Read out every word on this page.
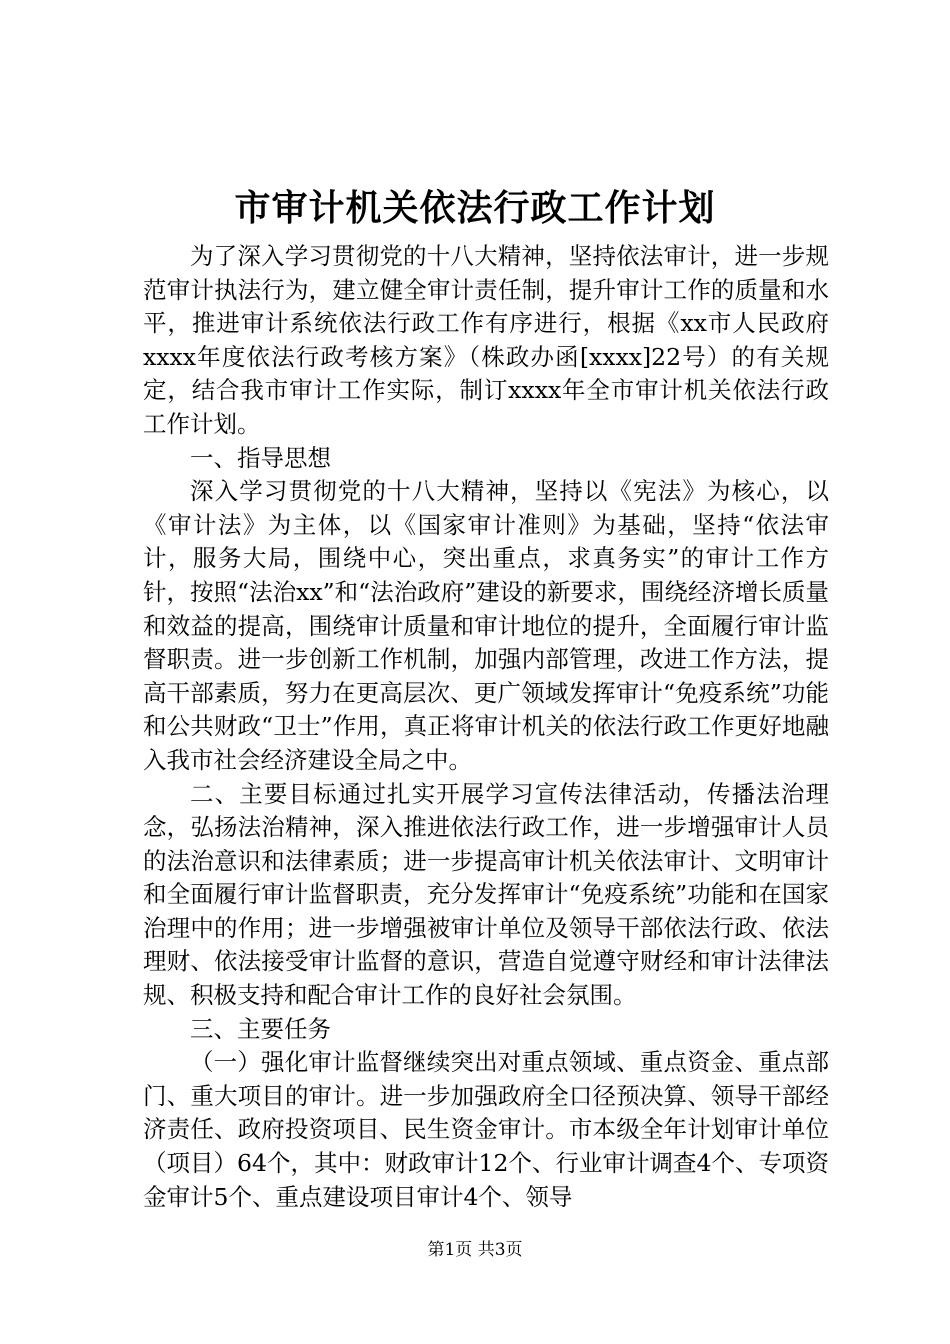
市审计机关依法行政工作计划

为了深入学习贯彻党的十八大精神，坚持依法审计，进一步规范审计执法行为，建立健全审计责任制，提升审计工作的质量和水平，推进审计系统依法行政工作有序进行，根据《xx市人民政府xxxx年度依法行政考核方案》（株政办函[xxxx]22号）的有关规定，结合我市审计工作实际，制订xxxx年全市审计机关依法行政工作计划。

一、指导思想

深入学习贯彻党的十八大精神，坚持以《宪法》为核心，以《审计法》为主体，以《国家审计准则》为基础，坚持“依法审计，服务大局，围绕中心，突出重点，求真务实”的审计工作方针，按照“法治xx”和“法治政府”建设的新要求，围绕经济增长质量和效益的提高，围绕审计质量和审计地位的提升，全面履行审计监督职责。进一步创新工作机制，加强内部管理，改进工作方法，提高干部素质，努力在更高层次、更广领域发挥审计“免疫系统”功能和公共财政“卫士”作用，真正将审计机关的依法行政工作更好地融入我市社会经济建设全局之中。

二、主要目标通过扎实开展学习宣传法律活动，传播法治理念，弘扬法治精神，深入推进依法行政工作，进一步增强审计人员的法治意识和法律素质；进一步提高审计机关依法审计、文明审计和全面履行审计监督职责，充分发挥审计“免疫系统”功能和在国家治理中的作用；进一步增强被审计单位及领导干部依法行政、依法理财、依法接受审计监督的意识，营造自觉遵守财经和审计法律法规、积极支持和配合审计工作的良好社会氛围。

三、主要任务

（一）强化审计监督继续突出对重点领域、重点资金、重点部门、重大项目的审计。进一步加强政府全口径预决算、领导干部经济责任、政府投资项目、民生资金审计。市本级全年计划审计单位（项目）64个，其中：财政审计12个、行业审计调查4个、专项资金审计5个、重点建设项目审计4个、领导

第1页 共3页
